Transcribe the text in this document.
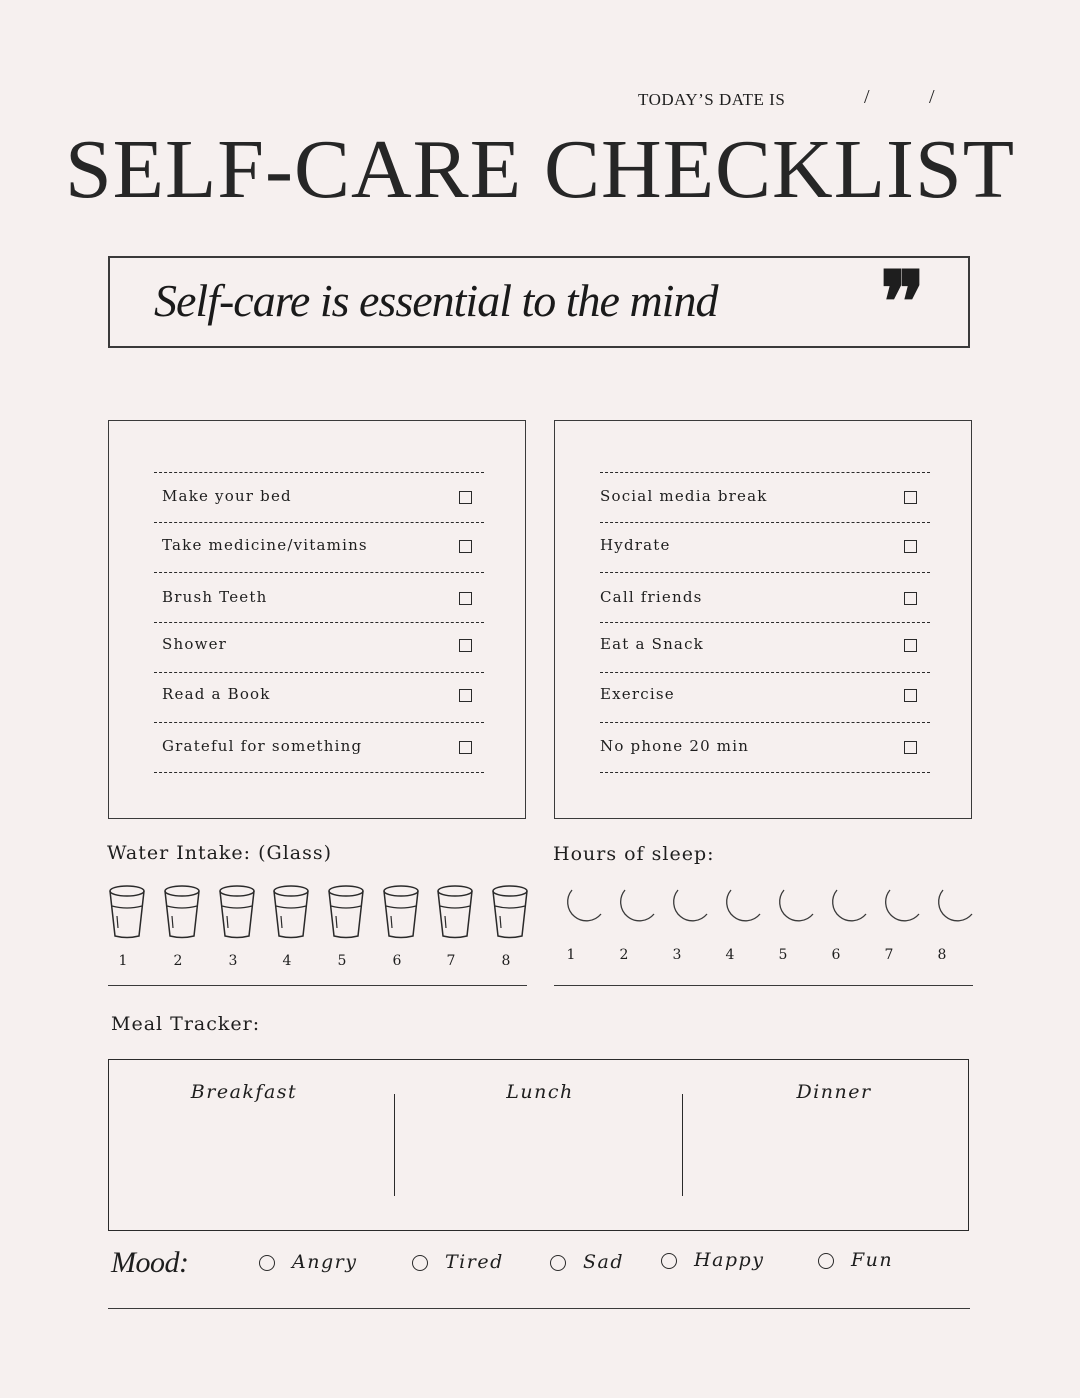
TODAY’S DATE IS	/	/
SELF-CARE CHECKLIST
Self-care is essential to the mind ❞
Water Intake: (Glass)	Hours of sleep:
Meal Tracker:
Breakfast	Lunch	Dinner
Mood:
Make your bed
Take medicine/vitamins
Brush Teeth
Shower
Read a Book
Grateful for something
Social media break
Hydrate
Call friends
Eat a Snack
Exercise
No phone 20 min
1	2	3	4	5	6	7	8	1	2	3	4	5	6	7	8
Angry	Tired	Sad	Happy	Fun
